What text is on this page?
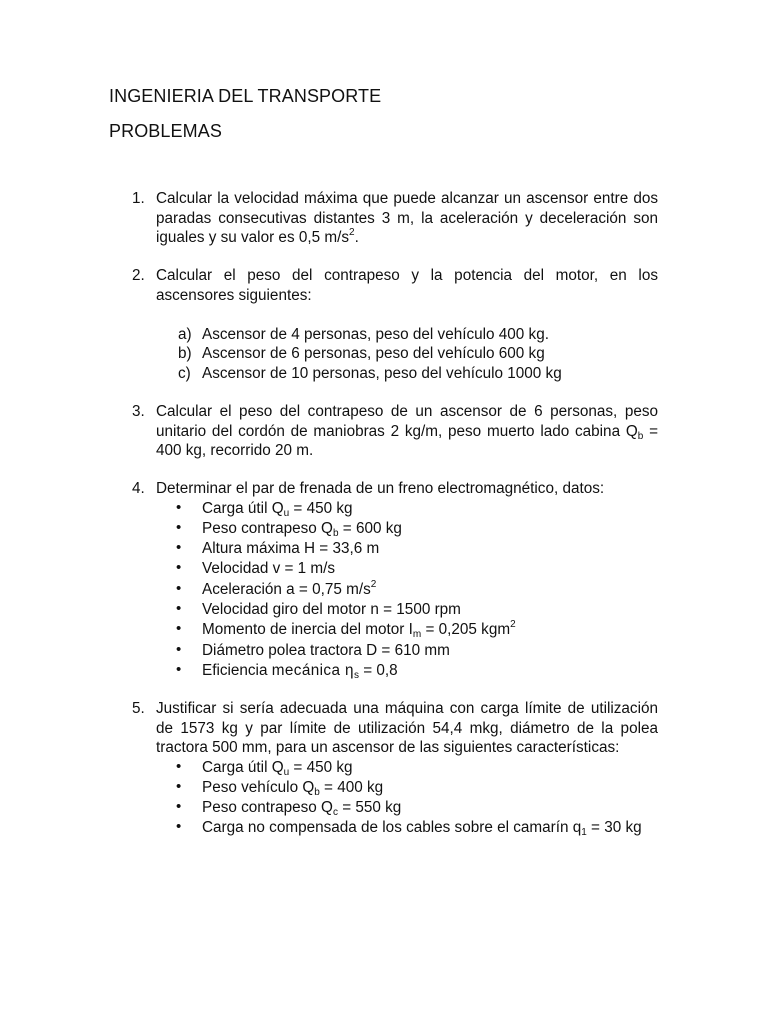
INGENIERIA DEL TRANSPORTE
PROBLEMAS
1. Calcular la velocidad máxima que puede alcanzar un ascensor entre dos paradas consecutivas distantes 3 m, la aceleración y deceleración son iguales y su valor es 0,5 $m/s^2$.

2. Calcular el peso del contrapeso y la potencia del motor, en los ascensores siguientes:

a) Ascensor de 4 personas, peso del vehículo 400 kg.
b) Ascensor de 6 personas, peso del vehículo 600 kg
c) Ascensor de 10 personas, peso del vehículo 1000 kg
3. Calcular el peso del contrapeso de un ascensor de 6 personas, peso unitario del cordón de maniobras 2 kg/m, peso muerto lado cabina $Q_b = 400$ kg, recorrido 20 m.

4. Determinar el par de frenada de un freno electromagnético, datos:

• Carga útil $Q_u = 450$ kg
• Peso contrapeso $Q_b = 600$ kg
• Altura máxima H = 33,6 m
• Velocidad v = 1 m/s
• Aceleración a = 0,75 $m/s^2$
• Velocidad giro del motor n = 1500 rpm
• Momento de inercia del motor $I_m = 0,205$ kgm$^2$
• Diámetro polea tractora D = 610 mm
• Eficiencia mecánica $\eta_s = 0,8$
5. Justificar si sería adecuada una máquina con carga límite de utilización de 1573 kg y par límite de utilización 54,4 mkg, diámetro de la polea tractora 500 mm, para un ascensor de las siguientes características:

• Carga útil $Q_u = 450$ kg
• Peso vehículo $Q_b = 400$ kg
• Peso contrapeso $Q_c = 550$ kg
• Carga no compensada de los cables sobre el camarín $q_1 = 30$ kg
